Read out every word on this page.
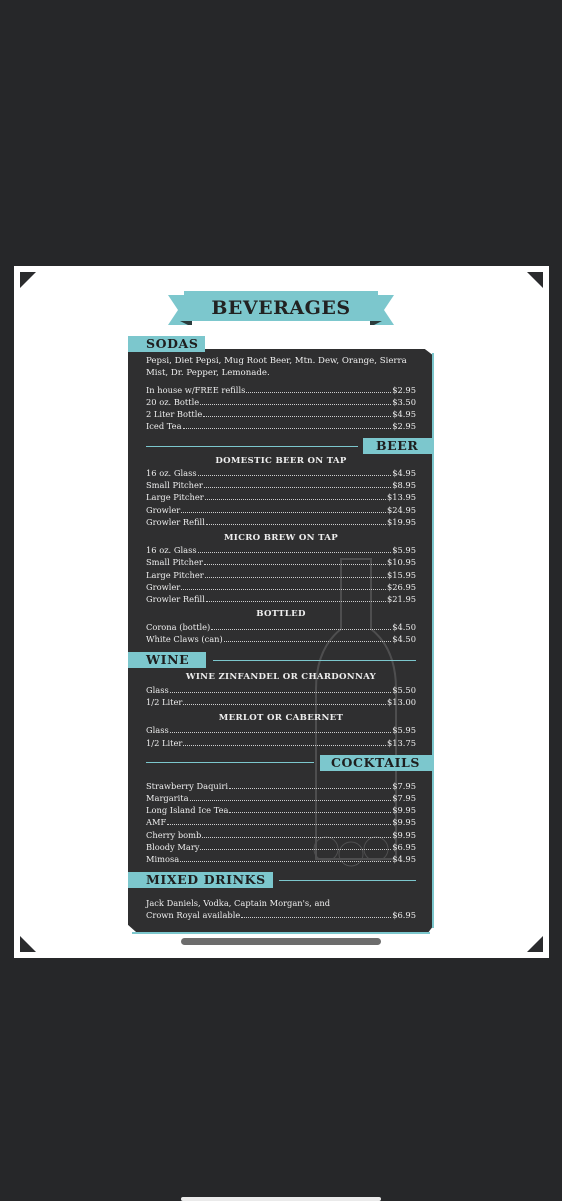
BEVERAGES
SODAS
Pepsi, Diet Pepsi, Mug Root Beer, Mtn. Dew, Orange, Sierra Mist, Dr. Pepper, Lemonade.
In house w/FREE refills	$2.95
20 oz. Bottle	$3.50
2 Liter Bottle	$4.95
Iced Tea	$2.95
BEER
DOMESTIC BEER ON TAP
16 oz. Glass	$4.95
Small Pitcher	$8.95
Large Pitcher	$13.95
Growler	$24.95
Growler Refill	$19.95
MICRO BREW ON TAP
16 oz. Glass	$5.95
Small Pitcher	$10.95
Large Pitcher	$15.95
Growler	$26.95
Growler Refill	$21.95
BOTTLED
Corona (bottle)	$4.50
White Claws (can)	$4.50
WINE
WINE ZINFANDEL OR CHARDONNAY
Glass	$5.50
1/2 Liter	$13.00
MERLOT OR CABERNET
Glass	$5.95
1/2 Liter	$13.75
COCKTAILS
Strawberry Daquiri	$7.95
Margarita	$7.95
Long Island Ice Tea	$9.95
AMF	$9.95
Cherry bomb	$9.95
Bloody Mary	$6.95
Mimosa	$4.95
MIXED DRINKS
Jack Daniels, Vodka, Captain Morgan's, and
Crown Royal available	$6.95
